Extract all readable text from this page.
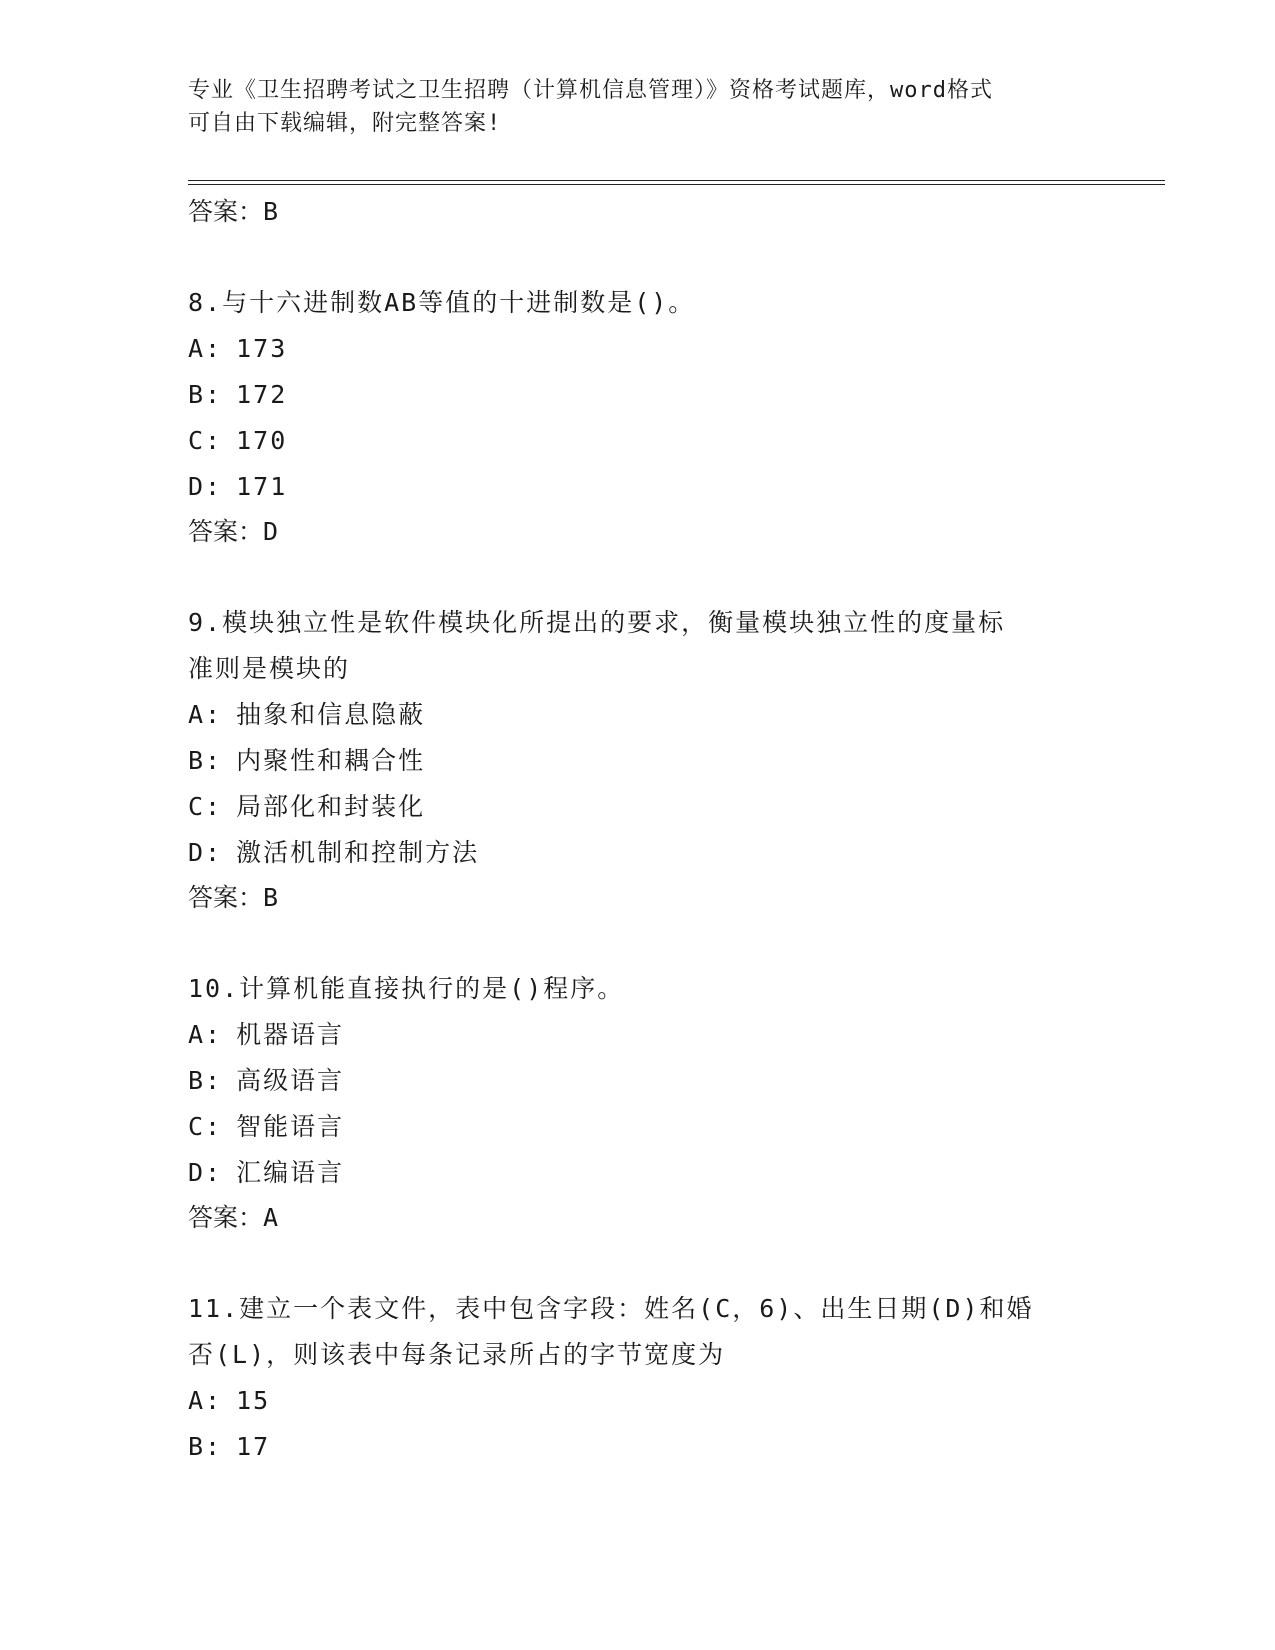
专业《卫生招聘考试之卫生招聘（计算机信息管理）》资格考试题库，word格式
可自由下载编辑，附完整答案!
答案：B
8.与十六进制数AB等值的十进制数是()。
A: 173
B: 172
C: 170
D: 171
答案：D
9.模块独立性是软件模块化所提出的要求，衡量模块独立性的度量标
准则是模块的
A: 抽象和信息隐蔽
B: 内聚性和耦合性
C: 局部化和封装化
D: 激活机制和控制方法
答案：B
10.计算机能直接执行的是()程序。
A: 机器语言
B: 高级语言
C: 智能语言
D: 汇编语言
答案：A
11.建立一个表文件，表中包含字段：姓名(C，6)、出生日期(D)和婚
否(L)，则该表中每条记录所占的字节宽度为
A: 15
B: 17
